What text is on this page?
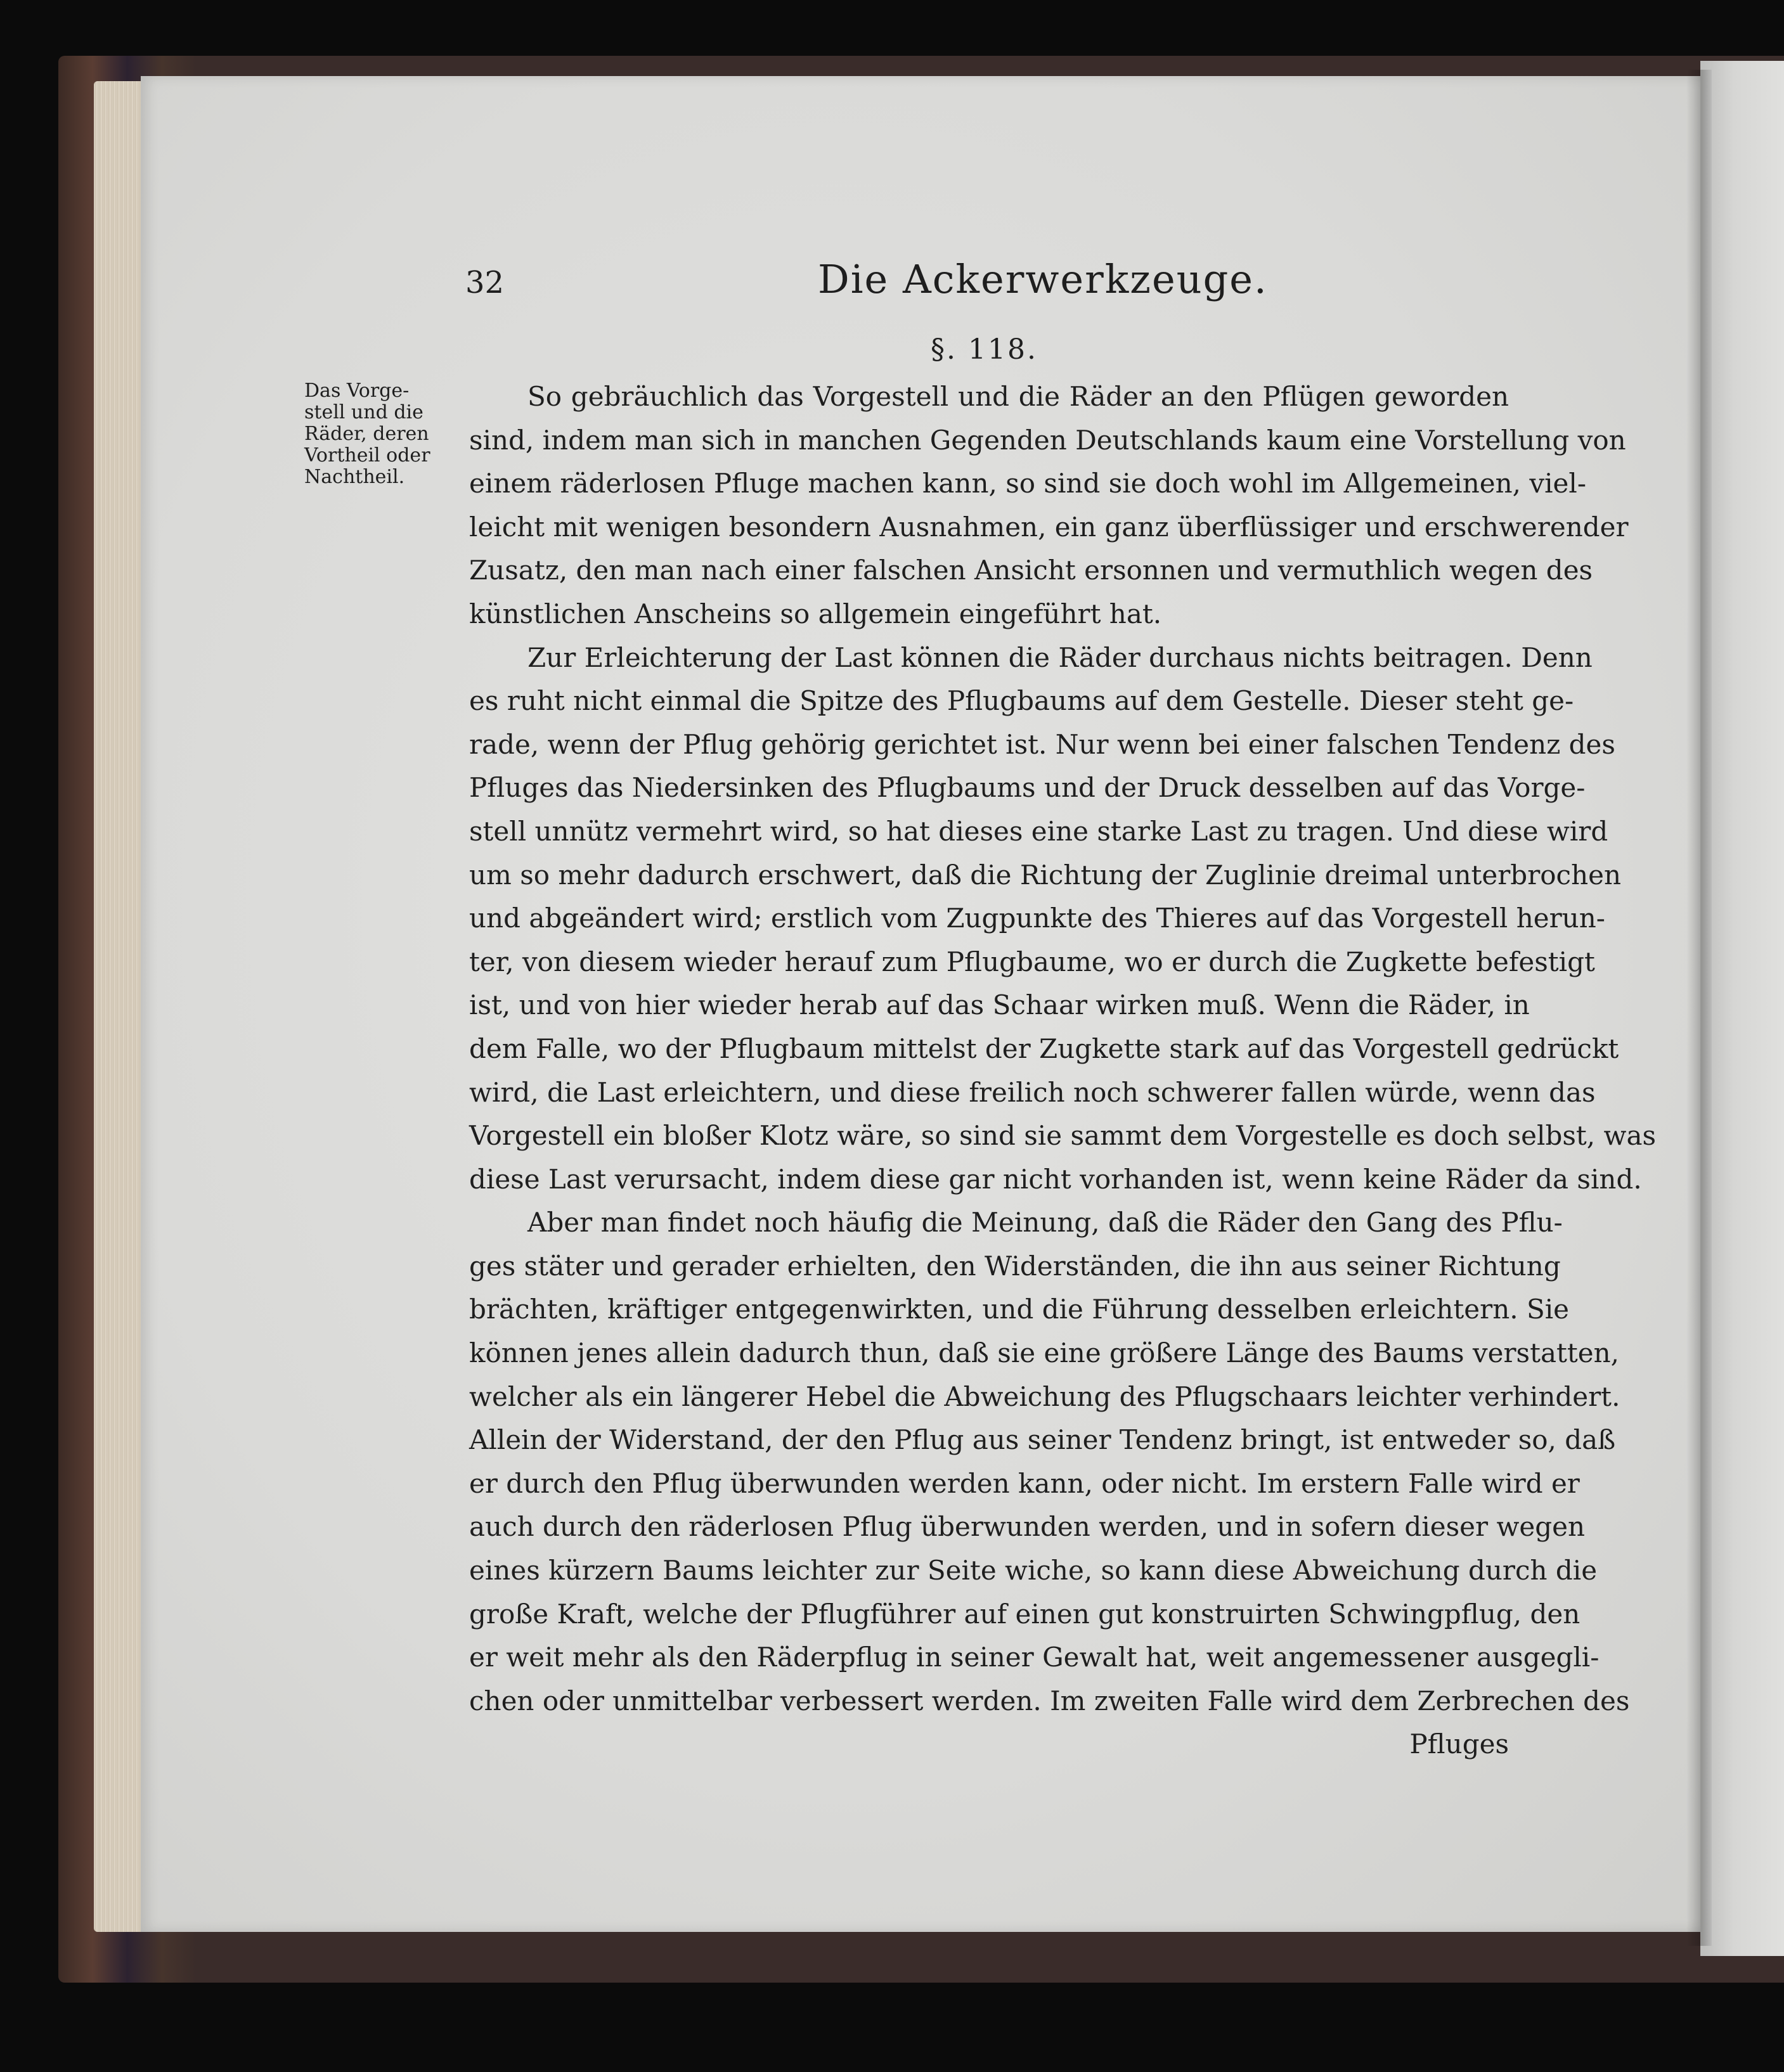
32	Die Ackerwerkzeuge.
§. 118.
Das Vorge-
stell und die
Räder, deren
Vortheil oder
Nachtheil.
So gebräuchlich das Vorgestell und die Räder an den Pflügen geworden
sind, indem man sich in manchen Gegenden Deutschlands kaum eine Vorstellung von
einem räderlosen Pfluge machen kann, so sind sie doch wohl im Allgemeinen, viel-
leicht mit wenigen besondern Ausnahmen, ein ganz überflüssiger und erschwerender
Zusatz, den man nach einer falschen Ansicht ersonnen und vermuthlich wegen des
künstlichen Anscheins so allgemein eingeführt hat.
Zur Erleichterung der Last können die Räder durchaus nichts beitragen. Denn
es ruht nicht einmal die Spitze des Pflugbaums auf dem Gestelle. Dieser steht ge-
rade, wenn der Pflug gehörig gerichtet ist. Nur wenn bei einer falschen Tendenz des
Pfluges das Niedersinken des Pflugbaums und der Druck desselben auf das Vorge-
stell unnütz vermehrt wird, so hat dieses eine starke Last zu tragen. Und diese wird
um so mehr dadurch erschwert, daß die Richtung der Zuglinie dreimal unterbrochen
und abgeändert wird; erstlich vom Zugpunkte des Thieres auf das Vorgestell herun-
ter, von diesem wieder herauf zum Pflugbaume, wo er durch die Zugkette befestigt
ist, und von hier wieder herab auf das Schaar wirken muß. Wenn die Räder, in
dem Falle, wo der Pflugbaum mittelst der Zugkette stark auf das Vorgestell gedrückt
wird, die Last erleichtern, und diese freilich noch schwerer fallen würde, wenn das
Vorgestell ein bloßer Klotz wäre, so sind sie sammt dem Vorgestelle es doch selbst, was
diese Last verursacht, indem diese gar nicht vorhanden ist, wenn keine Räder da sind.
Aber man findet noch häufig die Meinung, daß die Räder den Gang des Pflu-
ges stäter und gerader erhielten, den Widerständen, die ihn aus seiner Richtung
brächten, kräftiger entgegenwirkten, und die Führung desselben erleichtern. Sie
können jenes allein dadurch thun, daß sie eine größere Länge des Baums verstatten,
welcher als ein längerer Hebel die Abweichung des Pflugschaars leichter verhindert.
Allein der Widerstand, der den Pflug aus seiner Tendenz bringt, ist entweder so, daß
er durch den Pflug überwunden werden kann, oder nicht. Im erstern Falle wird er
auch durch den räderlosen Pflug überwunden werden, und in sofern dieser wegen
eines kürzern Baums leichter zur Seite wiche, so kann diese Abweichung durch die
große Kraft, welche der Pflugführer auf einen gut konstruirten Schwingpflug, den
er weit mehr als den Räderpflug in seiner Gewalt hat, weit angemessener ausgegli-
chen oder unmittelbar verbessert werden. Im zweiten Falle wird dem Zerbrechen des
Pfluges
